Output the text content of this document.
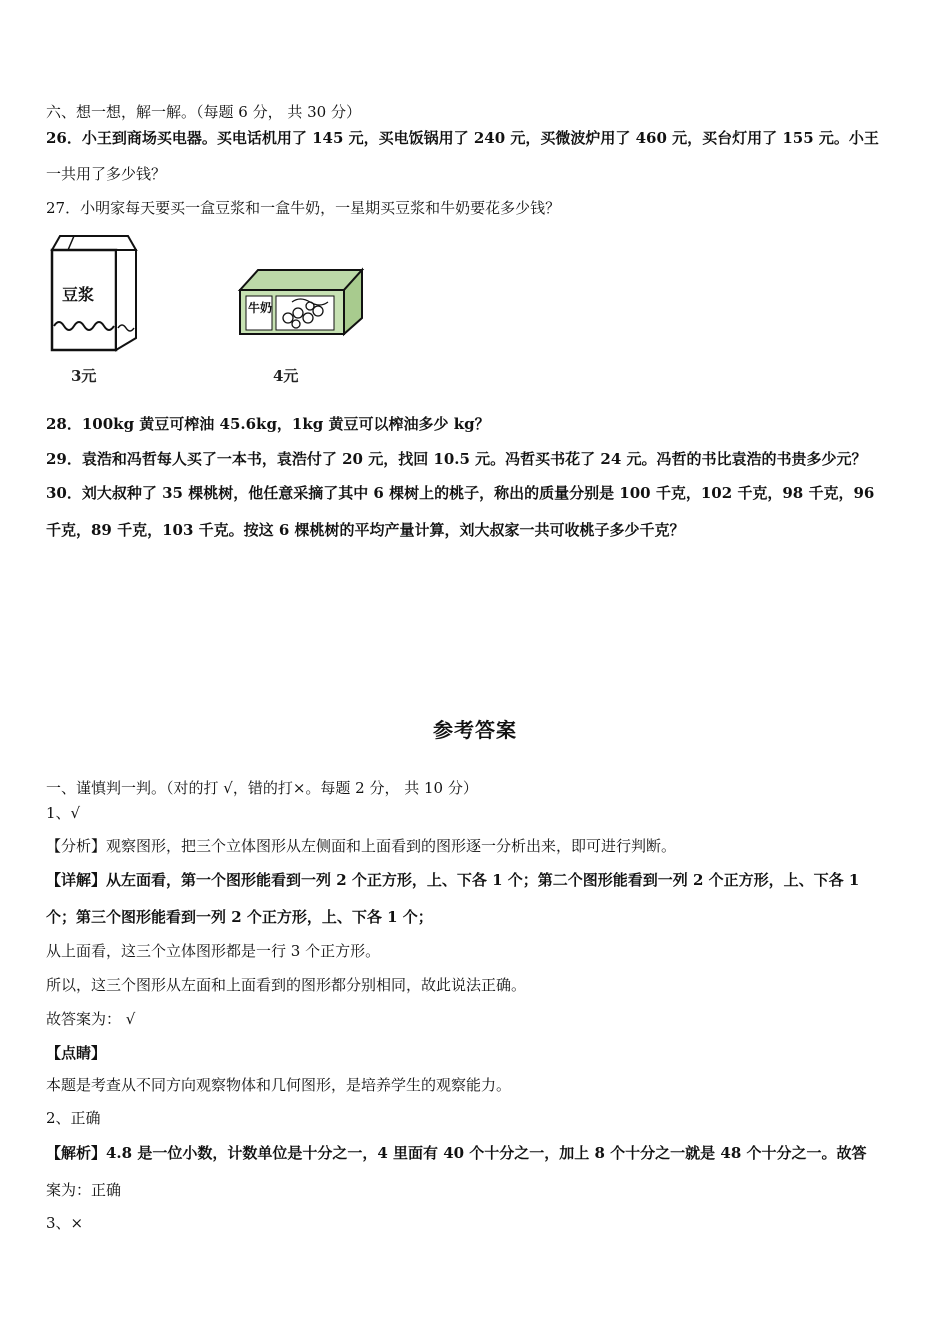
六、想一想，解一解。（每题 6 分， 共 30 分）
26．小王到商场买电器。买电话机用了 145 元，买电饭锅用了 240 元，买微波炉用了 460 元，买台灯用了 155 元。小王
一共用了多少钱？
27．小明家每天要买一盒豆浆和一盒牛奶，一星期买豆浆和牛奶要花多少钱？
豆浆
3元
牛奶
4元
28．100kg 黄豆可榨油 45.6kg，1kg 黄豆可以榨油多少 kg？
29．袁浩和冯哲每人买了一本书，袁浩付了 20 元，找回 10.5 元。冯哲买书花了 24 元。冯哲的书比袁浩的书贵多少元？
30．刘大叔种了 35 棵桃树，他任意采摘了其中 6 棵树上的桃子，称出的质量分别是 100 千克，102 千克，98 千克，96
千克，89 千克，103 千克。按这 6 棵桃树的平均产量计算，刘大叔家一共可收桃子多少千克？
参考答案
一、谨慎判一判。（对的打 √，错的打×。每题 2 分， 共 10 分）
1、√
【分析】观察图形，把三个立体图形从左侧面和上面看到的图形逐一分析出来，即可进行判断。
【详解】从左面看，第一个图形能看到一列 2 个正方形，上、下各 1 个；第二个图形能看到一列 2 个正方形，上、下各 1
个；第三个图形能看到一列 2 个正方形，上、下各 1 个；
从上面看，这三个立体图形都是一行 3 个正方形。
所以，这三个图形从左面和上面看到的图形都分别相同，故此说法正确。
故答案为： √
【点睛】
本题是考查从不同方向观察物体和几何图形，是培养学生的观察能力。
2、正确
【解析】4.8 是一位小数，计数单位是十分之一，4 里面有 40 个十分之一，加上 8 个十分之一就是 48 个十分之一。故答
案为：正确
3、×
